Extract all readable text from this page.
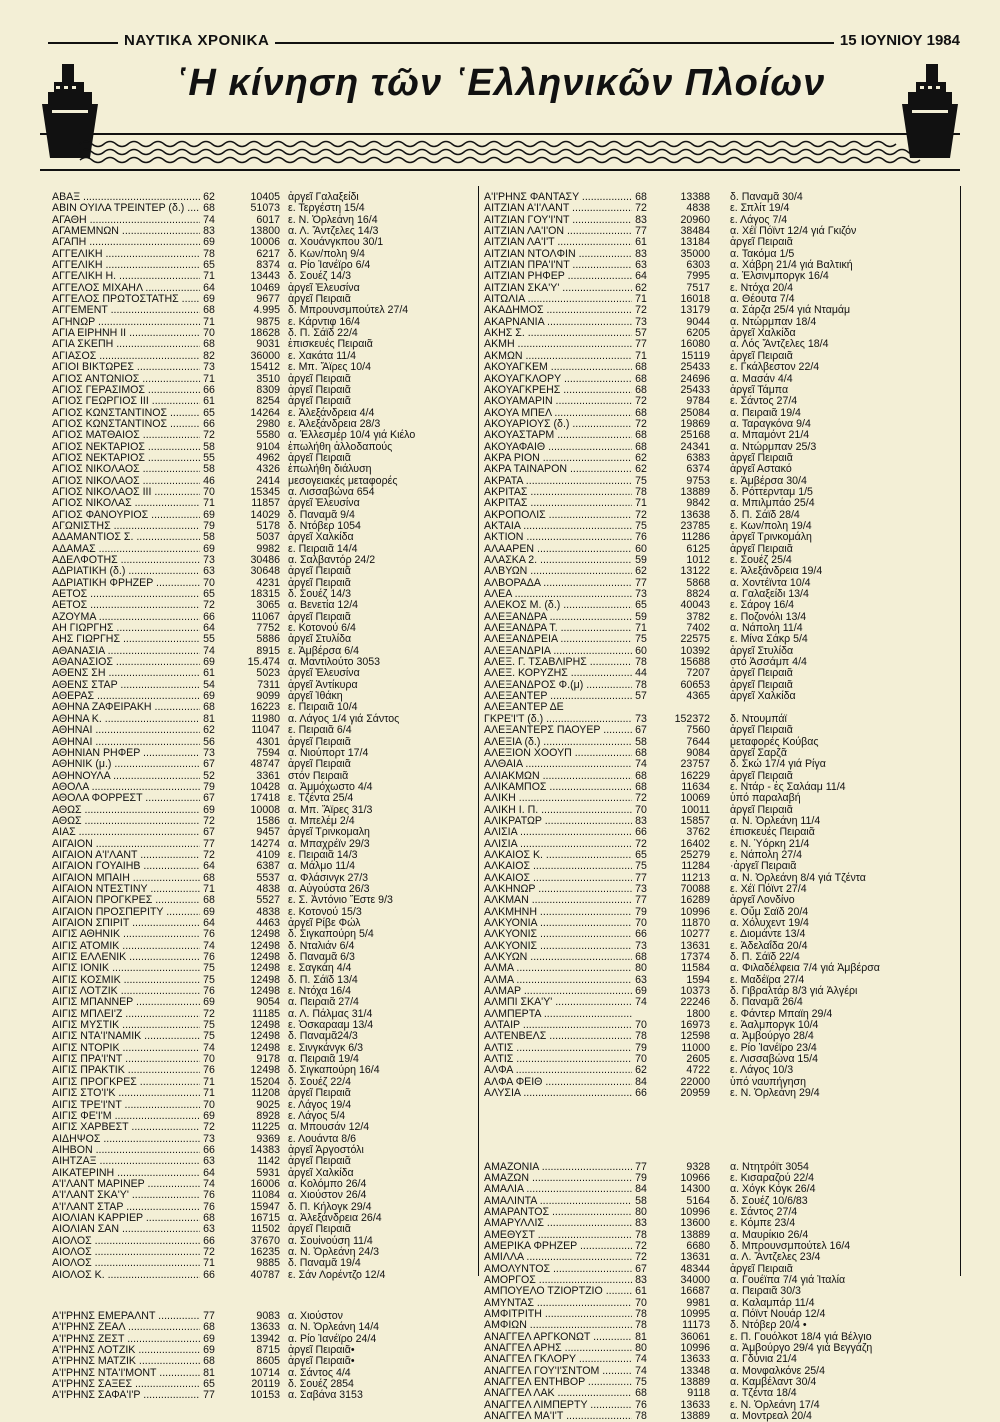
ΝΑΥΤΙΚΑ ΧΡΟΝΙΚΑ	15 ΙΟΥΝΙΟΥ 1984
῾Η κίνηση τῶν ῾Ελληνικῶν Πλοίων
ΑΒΑΞ .....	62	10405 ἀργεῖ Γαλαξείδι
ΑΒΙΝ ΟΥΙΛΑ ΤΡΕΙΝΤΕΡ (δ.) .....	68	51073 ε. Τεργέστη 15/4
ΑΓΑΘΗ .....	74	6017 ε. Ν. Ὀρλεάνη 16/4
ΑΓΑΜΕΜΝΩΝ .....	83	13800 α. Λ. Ἄντζελες 14/3
ΑΓΑΠΗ .....	69	10006 α. Χουάνγκπου 30/1
ΑΓΓΕΛΙΚΗ .....	78	6217 δ. Κων/πολη 9/4
ΑΓΓΕΛΙΚΗ .....	65	8374 α. Ρίο Ἰανέϊρο 6/4
ΑΓΓΕΛΙΚΗ Η. .....	71	13443 δ. Σουέζ 14/3
ΑΓΓΕΛΟΣ ΜΙΧΑΗΛ .....	64	10469 ἀργεῖ Ἐλευσίνα
ΑΓΓΕΛΟΣ ΠΡΩΤΟΣΤΑΤΗΣ .....	69	9677 ἀργεῖ Πειραιᾶ
ΑΓΓΕΜΕΝΤ .....	68	4.995 δ. Μπρουνσμπούτελ 27/4
ΑΓΗΝΩΡ .....	71	9875 ε. Κάρντιφ 16/4
ΑΓΙΑ ΕΙΡΗΝΗ ΙΙ .....	70	18628 δ. Π. Σάϊδ 22/4
ΑΓΙΑ ΣΚΕΠΗ .....	68	9031 ἐπισκευές Πειραιᾶ
ΑΓΙΑΣΟΣ .....	82	36000 ε. Χακάτα 11/4
ΑΓΙΟΙ ΒΙΚΤΩΡΕΣ .....	73	15412 ε. Μπ. Ἄϊρες 10/4
ΑΓΙΟΣ ΑΝΤΩΝΙΟΣ .....	71	3510 ἀργεῖ Πειραιᾶ
ΑΓΙΟΣ ΓΕΡΑΣΙΜΟΣ .....	66	8309 ἀργεῖ Πειραιᾶ
ΑΓΙΟΣ ΓΕΩΡΓΙΟΣ ΙΙΙ .....	61	8254 ἀργεῖ Πειραιᾶ
ΑΓΙΟΣ ΚΩΝΣΤΑΝΤΙΝΟΣ .....	65	14264 ε. Ἀλεξάνδρεια 4/4
ΑΓΙΟΣ ΚΩΝΣΤΑΝΤΙΝΟΣ .....	66	2980 ε. Ἀλεξάνδρεια 28/3
ΑΓΙΟΣ ΜΑΤΘΑΙΟΣ .....	72	5580 α. Ἐλλεσμέρ 10/4 γιά Κιέλο
ΑΓΙΟΣ ΝΕΚΤΑΡΙΟΣ .....	58	9104 ἐπωλήθη ἀλλοδαπούς
ΑΓΙΟΣ ΝΕΚΤΑΡΙΟΣ .....	55	4962 ἀργεῖ Πειραιᾶ
ΑΓΙΟΣ ΝΙΚΟΛΑΟΣ .....	58	4326 ἐπωλήθη διάλυση
ΑΓΙΟΣ ΝΙΚΟΛΑΟΣ .....	46	2414 μεσογειακές μεταφορές
ΑΓΙΟΣ ΝΙΚΟΛΑΟΣ ΙΙΙ .....	70	15345 α. Λισσαβώνα 654
ΑΓΙΟΣ ΝΙΚΟΛΑΣ .....	71	11857 ἀργεῖ Ἐλευσίνα
ΑΓΙΟΣ ΦΑΝΟΥΡΙΟΣ .....	69	14029 δ. Παναμᾶ 9/4
ΑΓΩΝΙΣΤΗΣ .....	79	5178 δ. Ντόβερ 1054
ΑΔΑΜΑΝΤΙΟΣ Σ. .....	58	5037 ἀργεῖ Χαλκίδα
ΑΔΑΜΑΣ .....	69	9982 ε. Πειραιᾶ 14/4
ΑΔΕΛΦΟΤΗΣ .....	73	30486 α. Σαλβαντόρ 24/2
ΑΔΡΙΑΤΙΚΗ (δ.) .....	63	30648 ἀργεῖ Πειραιᾶ
ΑΔΡΙΑΤΙΚΗ ΦΡΗΖΕΡ .....	70	4231 ἀργεῖ Πειραιᾶ
ΑΕΤΟΣ .....	65	18315 δ. Σουέζ 14/3
ΑΕΤΟΣ .....	72	3065 α. Βενετία 12/4
ΑΖΟΥΜΑ .....	66	11067 ἀργεῖ Πειραιᾶ
ΑΗ ΓΙΩΡΓΗΣ .....	64	7752 ε. Κοτονού 6/4
ΑΗΣ ΓΙΩΡΓΗΣ .....	55	5886 ἀργεῖ Στυλίδα
ΑΘΑΝΑΣΙΑ .....	74	8915 ε. Ἀμβέρσα 6/4
ΑΘΑΝΑΣΙΟΣ .....	69	15.474 α. Μαντιλούτο 3053
ΑΘΕΝΣ ΣΗ .....	61	5023 ἀργεῖ Ἐλευσίνα
ΑΘΕΝΣ ΣΤΑΡ .....	54	7311 ἀργεῖ Ἀντίκυρα
ΑΘΕΡΑΣ .....	69	9099 ἀργεῖ Ἰθάκη
ΑΘΗΝΑ ΖΑΦΕΙΡΑΚΗ .....	68	16223 ε. Πειραιᾶ 10/4
ΑΘΗΝΑ Κ. .....	81	11980 α. Λάγος 1/4 γιά Σάντος
ΑΘΗΝΑΙ .....	62	11047 ε. Πειραιᾶ 6/4
ΑΘΗΝΑΙ .....	56	4301 ἀργεῖ Πειραιᾶ
ΑΘΗΝΙΑΝ ΡΗΦΕΡ .....	73	7594 α. Νιούπορτ 17/4
ΑΘΗΝΙΚ (μ.) .....	67	48747 ἀργεῖ Πειραιᾶ
ΑΘΗΝΟΥΛΑ .....	52	3361 στόν Πειραιᾶ
ΑΘΟΛΑ .....	79	10428 α. Ἀμμόχωστο 4/4
ΑΘΟΛΑ ΦΟΡΡΕΣΤ .....	67	17418 ε. Τζέντα 25/4
ΑΘΩΣ .....	69	10008 α. Μπ. Ἄϊρες 31/3
ΑΘΩΣ .....	72	1586 α. Μπελέμ 2/4
ΑΙΑΣ .....	67	9457 ἀργεῖ Τρινκομαλη
ΑΙΓΑΙΟΝ .....	77	14274 α. Μπαχρέϊν 29/3
ΑΙΓΑΙΟΝ Α'Ι'ΛΑΝΤ .....	72	4109 ε. Πειραιᾶ 14/3
ΑΙΓΑΙΟΝ ΓΟΥΑΙΗΒ .....	64	6387 α. Μάλμο 11/4
ΑΙΓΑΙΟΝ ΜΠΑΙΗ .....	68	5537 α. Φλάσινγκ 27/3
ΑΙΓΑΙΟΝ ΝΤΕΣΤΙΝΥ .....	71	4838 α. Αὐγούστα 26/3
ΑΙΓΑΙΟΝ ΠΡΟΓΚΡΕΣ .....	68	5527 ε. Σ. Ἀντόνιο Ἔστε 9/3
ΑΙΓΑΙΟΝ ΠΡΟΣΠΕΡΙΤΥ .....	69	4838 ε. Κοτονού 15/3
ΑΙΓΑΙΟΝ ΣΠΙΡΙΤ .....	64	4463 ἀργεῖ Ρίβε Φώλ
ΑΙΓΙΣ ΑΘΗΝΙΚ .....	76	12498 δ. Σιγκαπούρη 5/4
ΑΙΓΙΣ ΑΤΟΜΙΚ .....	74	12498 δ. Νταλιάν 6/4
ΑΙΓΙΣ ΕΛΛΕΝΙΚ .....	76	12498 δ. Παναμᾶ 6/3
ΑΙΓΙΣ ΙΟΝΙΚ .....	75	12498 ε. Σαγκάη 4/4
ΑΙΓΙΣ ΚΟΣΜΙΚ .....	75	12498 δ. Π. Σάϊδ 13/4
ΑΙΓΙΣ ΛΟΤΖΙΚ .....	76	12498 ε. Ντόχα 16/4
ΑΙΓΙΣ ΜΠΑΝΝΕΡ .....	69	9054 α. Πειραιᾶ 27/4
ΑΙΓΙΣ ΜΠΛΕΙ'Ζ .....	72	11185 α. Λ. Πάλμας 31/4
ΑΙΓΙΣ ΜΥΣΤΙΚ .....	75	12498 ε. Ὀσκαρααμ 13/4
ΑΙΓΙΣ ΝΤΑ'Ι'ΝΑΜΙΚ .....	75	12498 δ. Παναμᾶ24/3
ΑΙΓΙΣ ΝΤΟΡΙΚ .....	74	12498 ε. Σινγκάνγκ 6/3
ΑΙΓΙΣ ΠΡΑ'Ι'ΝΤ .....	70	9178 α. Πειραιᾶ 19/4
ΑΙΓΙΣ ΠΡΑΚΤΙΚ .....	76	12498 δ. Σιγκαπούρη 16/4
ΑΙΓΙΣ ΠΡΟΓΚΡΕΣ .....	71	15204 δ. Σουέζ 22/4
ΑΙΓΙΣ ΣΤΟ'Ι'Κ .....	71	11208 ἀργεῖ Πειραιᾶ
ΑΙΓΙΣ ΤΡΕ'Ι'ΝΤ .....	70	9025 ε. Λάγος 19/4
ΑΙΓΙΣ ΦΕ'Ι'Μ .....	69	8928 ε. Λάγος 5/4
ΑΙΓΙΣ ΧΑΡΒΕΣΤ .....	72	11225 α. Μπουσάν 12/4
ΑΙΔΗΨΟΣ .....	73	9369 ε. Λουάντα 8/6
ΑΙΗΒΟΝ .....	66	14383 ἀργεῖ Ἀργοστόλι
ΑΙΗΤΖΑΞ .....	63	1142 ἀργεῖ Πειραιᾶ
ΑΙΚΑΤΕΡΙΝΗ .....	64	5931 ἀργεῖ Χαλκίδα
Α'Ι'ΛΑΝΤ ΜΑΡΙΝΕΡ .....	74	16006 α. Κολόμπο 26/4
Α'Ι'ΛΑΝΤ ΣΚΑ'Υ' .....	76	11084 α. Χιούστον 26/4
Α'Ι'ΛΑΝΤ ΣΤΑΡ .....	76	15947 δ. Π. Κήλογκ 29/4
ΑΙΟΛΙΑΝ ΚΑΡΡΙΕΡ .....	68	16715 α. Ἀλεξάνδρεια 26/4
ΑΙΟΛΙΑΝ ΣΑΝ .....	63	11502 ἀργεῖ Πειραιᾶ
ΑΙΟΛΟΣ .....	66	37670 α. Σουἰνούση 11/4
ΑΙΟΛΟΣ .....	72	16235 α. Ν. Ὀρλεάνη 24/3
ΑΙΟΛΟΣ .....	71	9885 δ. Παναμᾶ 19/4
ΑΙΟΛΟΣ Κ. .....	66	40787 ε. Σάν Λορέντζο 12/4
Α'Ι'ΡΗΝΣ ΕΜΕΡΑΛΝΤ .....	77	9083 α. Χιούστον
Α'Ι'ΡΗΝΣ ΖΕΑΛ .....	68	13633 α. Ν. Ὀρλεάνη 14/4
Α'Ι'ΡΗΝΣ ΖΕΣΤ .....	69	13942 α. Ρίο Ἰανέϊρο 24/4
Α'Ι'ΡΗΝΣ ΛΟΤΖΙΚ .....	69	8715 ἀργεῖ Πειραιᾶ•
Α'Ι'ΡΗΝΣ ΜΑΤΖΙΚ .....	68	8605 ἀργεῖ Πειραιᾶ•
Α'Ι'ΡΗΝΣ ΝΤΑ'Ι'ΜΟΝΤ .....	81	10714 α. Σάντος 4/4
Α'Ι'ΡΗΝΣ ΣΑΞΕΣ .....	65	20119 δ. Σουέζ 2854
Α'Ι'ΡΗΝΣ ΣΑΦΑ'Ι'Ρ .....	77	10153 α. Σαβάνα 3153
Α'Ι'ΡΗΝΣ ΦΑΝΤΑΣΥ .....	68	13388 δ. Παναμᾶ 30/4
ΑΙΤΖΙΑΝ Α'Ι'ΛΑΝΤ .....	72	4838 ε. Σπλίτ 19/4
ΑΙΤΖΙΑΝ ΓΟΥ'Ι'ΝΤ .....	83	20960 ε. Λάγος 7/4
ΑΙΤΖΙΑΝ ΛΑ'Ι'ΟΝ .....	77	38484 α. Χέϊ Πόϊντ 12/4 γιά Γκιζόν
ΑΙΤΖΙΑΝ ΛΑ'Ι'Τ .....	61	13184 ἀργεῖ Πειραιᾶ
ΑΙΤΖΙΑΝ ΝΤΟΛΦΙΝ .....	83	35000 α. Τακόμα 1/5
ΑΙΤΖΙΑΝ ΠΡΑ'Ι'ΝΤ .....	63	6303 α. Χάβρη 21/4 γιά Βαλτική
ΑΙΤΖΙΑΝ ΡΗΦΕΡ .....	64	7995 α. Ἐλσινμποργκ 16/4
ΑΙΤΖΙΑΝ ΣΚΑ'Υ' .....	62	7517 ε. Ντόχα 20/4
ΑΙΤΩΛΙΑ .....	71	16018 α. Θέουτα 7/4
ΑΚΑΔΗΜΟΣ .....	72	13179 α. Σάρζα 25/4 γιά Νταμάμ
ΑΚΑΡΝΑΝΙΑ .....	73	9044 α. Ντώρμπαν 18/4
ΑΚΗΣ Σ. .....	57	6205 ἀργεῖ Χαλκίδα
ΑΚΜΗ .....	77	16080 α. Λός Ἄντζελες 18/4
ΑΚΜΩΝ .....	71	15119 ἀργεῖ Πειραιᾶ
ΑΚΟΥΑΓΚΕΜ .....	68	25433 ε. Γκάλβεστον 22/4
ΑΚΟΥΑΓΚΛΟΡΥ .....	68	24696 α. Μασάν 4/4
ΑΚΟΥΑΓΚΡΕΗΣ .....	68	25433 ἀργεῖ Τάμπα
ΑΚΟΥΑΜΑΡΙΝ .....	72	9784 ε. Σάντος 27/4
ΑΚΟΥΑ ΜΠΕΛ .....	68	25084 α. Πειραιᾶ 19/4
ΑΚΟΥΑΡΙΟΥΣ (δ.) .....	72	19869 α. Ταραγκόνα 9/4
ΑΚΟΥΑΣΤΑΡΜ .....	68	25168 α. Μπαμόντ 21/4
ΑΚΟΥΑΦΑΙΘ .....	68	24341 α. Ντώρμπαν 25/3
ΑΚΡΑ ΡΙΟΝ .....	62	6383 ἀργεῖ Πειραιᾶ
ΑΚΡΑ ΤΑΙΝΑΡΟΝ .....	62	6374 ἀργεῖ Αστακό
ΑΚΡΑΤΑ .....	75	9753 ε. Ἀμβέρσα 30/4
ΑΚΡΙΤΑΣ .....	78	13889 δ. Ρόττερνταμ 1/5
ΑΚΡΙΤΑΣ .....	71	9842 α. Μπιλμπάο 25/4
ΑΚΡΟΠΟΛΙΣ .....	72	13638 δ. Π. Σάϊδ 28/4
ΑΚΤΑΙΑ .....	75	23785 ε. Κων/πολη 19/4
ΑΚΤΙΟΝ .....	76	11286 ἀργεῖ Τρινκομάλη
ΑΛΑΑΡΕΝ .....	60	6125 ἀργεῖ Πειραιᾶ
ΑΛΑΣΚΑ 2. .....	59	1012 ε. Σουέζ 25/4
ΑΛΒΥΩΝ .....	62	13122 ε. Ἀλεξάνδρεια 19/4
ΑΛΒΟΡΑΔΑ .....	77	5868 α. Χοντέϊντα 10/4
ΑΛΕΑ .....	73	8824 α. Γαλαξείδι 13/4
ΑΛΕΚΟΣ Μ. (δ.) .....	65	40043 ε. Σάρογ 16/4
ΑΛΕΞΑΝΔΡΑ .....	59	3782 ε. Ποζονόλι 13/4
ΑΛΕΞΑΝΔΡΑ Τ. .....	71	7402 α. Νάπολη 11/4
ΑΛΕΞΑΝΔΡΕΙΑ .....	75	22575 ε. Μίνα Σάκρ 5/4
ΑΛΕΞΑΝΔΡΙΑ .....	60	10392 ἀργεῖ Στυλίδα
ΑΛΕΞ. Γ. ΤΣΑΒΛΙΡΗΣ .....	78	15688 στό Ἀσσάμπ 4/4
ΑΛΕΞ. ΚΟΡΥΖΗΣ .....	44	7207 ἀργεῖ Πειραιᾶ
ΑΛΕΞΑΝΔΡΟΣ Φ.(μ) .....	78	60653 ἀργεῖ Πειραιᾶ
ΑΛΕΞΑΝΤΕΡ .....	57	4365 ἀργεῖ Χαλκίδα
ΑΛΕΞΑΝΤΕΡ ΔΕ
ΓΚΡΕ'Ι'Τ (δ.) .....	73	152372 δ. Ντουμπάϊ
ΑΛΕΞΑΝΤΕΡΣ ΠΑΟΥΕΡ .....	67	7560 ἀργεῖ Πειραιᾶ
ΑΛΕΞΙΑ (δ.) .....	58	7644 μεταφορές Κούβας
ΑΛΕΞΙΟΝ ΧΟΟΥΠ .....	68	9084 ἀργεῖ Σαρζᾶ
ΑΛΘΑΙΑ .....	74	23757 δ. Σκώ 17/4 γιά Ρίγα
ΑΛΙΑΚΜΩΝ .....	68	16229 ἀργεῖ Πειραιᾶ
ΑΛΙΚΑΜΠΟΣ .....	68	11634 ε. Ντάρ - ἐς Σαλάαμ 11/4
ΑΛΙΚΗ .....	72	10069 ὑπό παραλαβή
ΑΛΙΚΗ Ι. Π. .....	70	10011 ἀργεῖ Πειραιᾶ
ΑΛΙΚΡΑΤΩΡ .....	83	15857 α. Ν. Ὀρλεάνη 11/4
ΑΛΙΣΙΑ .....	66	3762 ἐπισκευές Πειραιᾶ
ΑΛΙΣΙΑ .....	72	16402 ε. Ν. Ὑόρκη 21/4
ΑΛΚΑΙΟΣ Κ. .....	65	25279 ε. Νάπολη 27/4
ΑΛΚΑΙΟΣ .....	75	11284 ·ἀργεῖ Πειραιᾶ
ΑΛΚΑΙΟΣ .....	77	11213 α. Ν. Ὀρλεάνη 8/4 γιά Τζέντα
ΑΛΚΗΝΩΡ .....	73	70088 ε. Χέϊ Πόϊντ 27/4
ΑΛΚΜΑΝ .....	77	16289 ἀργεῖ Λονδίνο
ΑΛΚΜΗΝΗ .....	79	10996 ε. Οὔμ Σαϊδ 20/4
ΑΛΚΥΟΝΙΑ .....	70	11870 α. Χόλυχεντ 19/4
ΑΛΚΥΟΝΙΣ .....	66	10277 ε. Διομάντε 13/4
ΑΛΚΥΟΝΙΣ .....	73	13631 ε. Ἀδελαΐδα 20/4
ΑΛΚΥΩΝ .....	68	17374 δ. Π. Σάϊδ 22/4
ΑΛΜΑ .....	80	11584 α. Φιλαδέλφεια 7/4 γιά Ἀμβέρσα
ΑΛΜΑ .....	63	1594 ε. Μαδέϊρα 27/4
ΑΛΜΑΡ .....	69	10373 δ. Γιβραλτάρ 8/3 γιά Ἀλγέρι
ΑΛΜΠΙ ΣΚΑ'Υ' .....	74	22246 δ. Παναμᾶ 26/4
ΑΛΜΠΕΡΤΑ .....	1800 ε. Φάντερ Μπαϊη 29/4
ΑΛΤΑΙΡ .....	70	16973 ε. Ἀαλμποργκ 10/4
ΑΛΤΕΝΒΕΛΣ .....	78	12598 α. Ἀμβούργο 28/4
ΑΛΤΙΣ .....	79	11000 ε. Ρίο Ἰανέϊρο 23/4
ΑΛΤΙΣ .....	70	2605 ε. Λισσαβώνα 15/4
ΑΛΦΑ .....	62	4722 ε. Λάγος 10/3
ΑΛΦΑ ΦΕΙΘ .....	84	22000 ὑπό ναυπήγηση
ΑΛΥΣΙΑ .....	66	20959 ε. Ν. Ὀρλεάνη 29/4
ΑΜΑΖΟΝΙΑ .....	77	9328 α. Ντητρόϊτ 3054
ΑΜΑΖΩΝ .....	79	10966 ε. Κισαραζού 22/4
ΑΜΑΛΙΑ .....	84	14300 α. Χόγκ Κόγκ 26/4
ΑΜΑΛΙΝΤΑ .....	58	5164 δ. Σουέζ 10/6/83
ΑΜΑΡΑΝΤΟΣ .....	80	10996 ε. Σάντος 27/4
ΑΜΑΡΥΛΛΙΣ .....	83	13600 ε. Κόμπε 23/4
ΑΜΕΘΥΣΤ .....	78	13889 α. Μαυρίκιο 26/4
ΑΜΕΡΙΚΑ ΦΡΗΖΕΡ .....	72	6680 δ. Μπρουνσμπούτελ 16/4
ΑΜΙΛΛΑ .....	72	13631 α. Λ. Ἄντζελες 23/4
ΑΜΟΛΥΝΤΟΣ .....	67	48344 ἀργεῖ Πειραιᾶ
ΑΜΟΡΓΟΣ .....	83	34000 α. Γουέϊπα 7/4 γιά Ἰταλία
ΑΜΠΟΥΕΛΟ ΤΖΙΟΡΤΖΙΟ .....	61	16687 α. Πειραιᾶ 30/3
ΑΜΥΝΤΑΣ .....	70	9981 α. Καλαμπάρ 11/4
ΑΜΦΙΤΡΙΤΗ .....	78	10995 α. Πόϊντ Νουάρ 12/4
ΑΜΦΙΩΝ .....	78	11173 δ. Ντόβερ 20/4 •
ΑΝΑΓΓΕΛ ΑΡΓΚΟΝΩΤ .....	81	36061 ε. Π. Γουόλκοτ 18/4 γιά Βέλγιο
ΑΝΑΓΓΕΛ ΑΡΗΣ .....	80	10996 α. Ἀμβούργο 29/4 γιά Βεγγάζη
ΑΝΑΓΓΕΛ ΓΚΛΟΡΥ .....	74	13633 α. Γδύνια 21/4
ΑΝΑΓΓΕΛ ΓΟΥ'Ι'ΣΝΤΟΜ .....	74	13348 α. Μονφαλκόνε 25/4
ΑΝΑΓΓΕΛ ΕΝΤΗΒΟΡ .....	75	13889 α. Καμβέλαντ 30/4
ΑΝΑΓΓΕΛ ΛΑΚ .....	68	9118 α. Τζέντα 18/4
ΑΝΑΓΓΕΛ ΛΙΜΠΕΡΤΥ .....	76	13633 ε. Ν. Ὀρλεάνη 17/4
ΑΝΑΓΓΕΛ ΜΑ'Ι'Τ .....	78	13889 α. Μοντρεαλ 20/4
